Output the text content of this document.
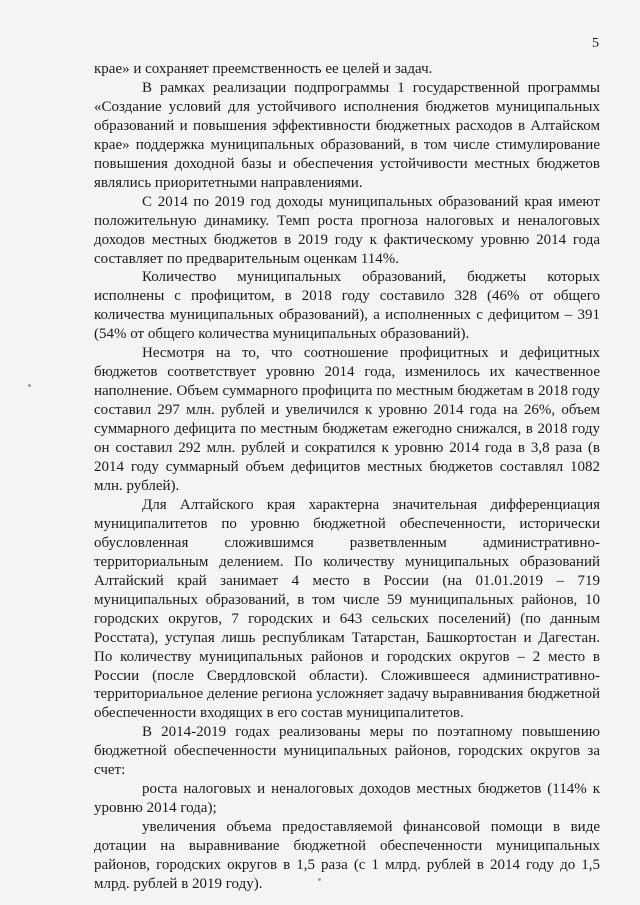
5

крае» и сохраняет преемственность ее целей и задач.

В рамках реализации подпрограммы 1 государственной программы «Создание условий для устойчивого исполнения бюджетов муниципальных образований и повышения эффективности бюджетных расходов в Алтайском крае» поддержка муниципальных образований, в том числе стимулирование повышения доходной базы и обеспечения устойчивости местных бюджетов являлись приоритетными направлениями.

С 2014 по 2019 год доходы муниципальных образований края имеют положительную динамику. Темп роста прогноза налоговых и неналоговых доходов местных бюджетов в 2019 году к фактическому уровню 2014 года составляет по предварительным оценкам 114%.

Количество муниципальных образований, бюджеты которых исполнены с профицитом, в 2018 году составило 328 (46% от общего количества муниципальных образований), а исполненных с дефицитом – 391 (54% от общего количества муниципальных образований).

Несмотря на то, что соотношение профицитных и дефицитных бюджетов соответствует уровню 2014 года, изменилось их качественное наполнение. Объем суммарного профицита по местным бюджетам в 2018 году составил 297 млн. рублей и увеличился к уровню 2014 года на 26%, объем суммарного дефицита по местным бюджетам ежегодно снижался, в 2018 году он составил 292 млн. рублей и сократился к уровню 2014 года в 3,8 раза (в 2014 году суммарный объем дефицитов местных бюджетов составлял 1082 млн. рублей).

Для Алтайского края характерна значительная дифференциация муниципалитетов по уровню бюджетной обеспеченности, исторически обусловленная сложившимся разветвленным административно-территориальным делением. По количеству муниципальных образований Алтайский край занимает 4 место в России (на 01.01.2019 – 719 муниципальных образований, в том числе 59 муниципальных районов, 10 городских округов, 7 городских и 643 сельских поселений) (по данным Росстата), уступая лишь республикам Татарстан, Башкортостан и Дагестан. По количеству муниципальных районов и городских округов – 2 место в России (после Свердловской области). Сложившееся административно-территориальное деление региона усложняет задачу выравнивания бюджетной обеспеченности входящих в его состав муниципалитетов.

В 2014-2019 годах реализованы меры по поэтапному повышению бюджетной обеспеченности муниципальных районов, городских округов за счет:

роста налоговых и неналоговых доходов местных бюджетов (114% к уровню 2014 года);

увеличения объема предоставляемой финансовой помощи в виде дотации на выравнивание бюджетной обеспеченности муниципальных районов, городских округов в 1,5 раза (с 1 млрд. рублей в 2014 году до 1,5 млрд. рублей в 2019 году).
